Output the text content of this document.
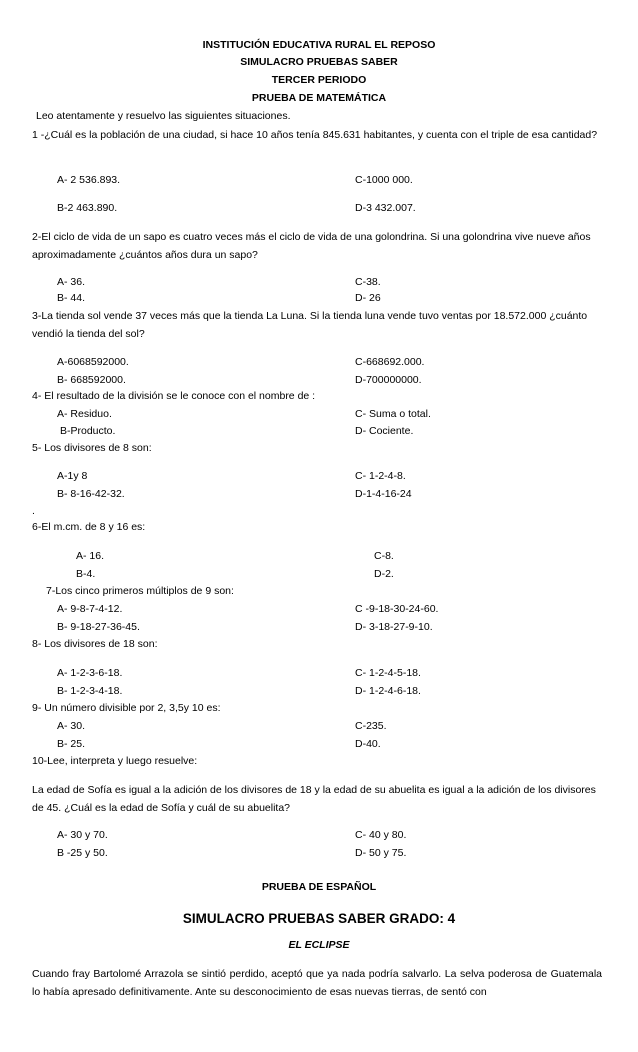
INSTITUCIÓN EDUCATIVA RURAL EL REPOSO
SIMULACRO PRUEBAS SABER
TERCER PERIODO
PRUEBA DE MATEMÁTICA
Leo atentamente y resuelvo las siguientes situaciones.
1 -¿Cuál es la población de una ciudad, si hace 10 años tenía 845.631 habitantes, y cuenta con el triple de esa cantidad?
A- 2 536.893.	C-1000 000.
B-2 463.890.	D-3 432.007.
2-El ciclo de vida de un sapo es cuatro veces más el ciclo de vida de una golondrina. Si una golondrina vive nueve años aproximadamente ¿cuántos años dura un sapo?
A- 36.	C-38.
B- 44.	D- 26
3-La tienda sol vende 37 veces más que la tienda La Luna. Si la tienda luna vende tuvo ventas por 18.572.000 ¿cuánto vendió la tienda del sol?
A-6068592000.	C-668692.000.
B- 668592000.	D-700000000.
4- El resultado de la división se le conoce con el nombre de :
A- Residuo.	C- Suma o total.
B-Producto.	D- Cociente.
5- Los divisores de 8 son:
A-1y 8	C- 1-2-4-8.
B- 8-16-42-32.	D-1-4-16-24
.
6-El m.cm. de 8 y 16 es:
A- 16.	C-8.
B-4.	D-2.
7-Los cinco primeros múltiplos de 9 son:
A- 9-8-7-4-12.	C -9-18-30-24-60.
B- 9-18-27-36-45.	D- 3-18-27-9-10.
8- Los divisores de 18 son:
A- 1-2-3-6-18.	C- 1-2-4-5-18.
B- 1-2-3-4-18.	D- 1-2-4-6-18.
9- Un número divisible por 2, 3,5y 10 es:
A- 30.	C-235.
B- 25.	D-40.
10-Lee, interpreta y luego resuelve:
La edad de Sofía es igual a la adición de los divisores de 18 y la edad de su abuelita es igual a la adición de los divisores de 45. ¿Cuál es la edad de Sofía y cuál de su abuelita?
A- 30 y 70.	C- 40 y 80.
B -25 y 50.	D- 50 y 75.
PRUEBA DE ESPAÑOL
SIMULACRO PRUEBAS SABER GRADO: 4
EL ECLIPSE
Cuando fray Bartolomé Arrazola se sintió perdido, aceptó que ya nada podría salvarlo. La selva poderosa de Guatemala lo había apresado definitivamente. Ante su desconocimiento de esas nuevas tierras, de sentó con
